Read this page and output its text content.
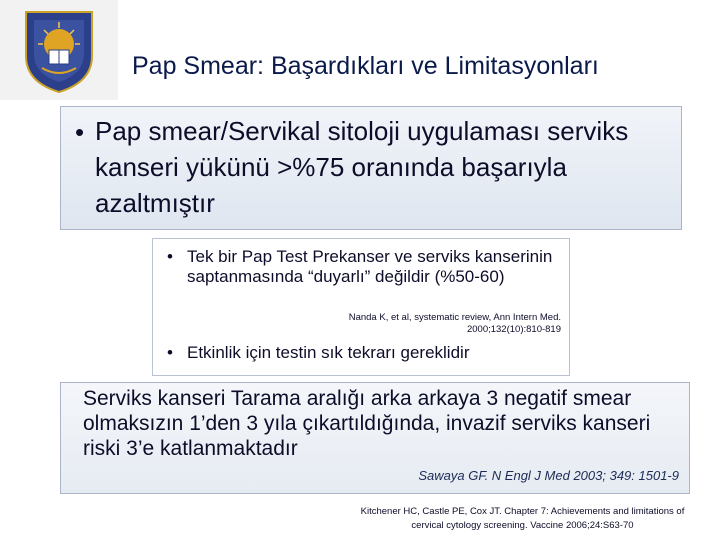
Pap Smear: Başardıkları ve Limitasyonları
• Pap smear/Servikal sitoloji uygulaması serviks kanseri yükünü >%75 oranında başarıyla azaltmıştır
• Tek bir Pap Test Prekanser ve serviks kanserinin saptanmasında “duyarlı” değildir (%50-60)
Nanda K, et al, systematic review, Ann Intern Med.
2000;132(10):810-819
• Etkinlik için testin sık tekrarı gereklidir
Serviks kanseri Tarama aralığı arka arkaya 3 negatif smear olmaksızın 1’den 3 yıla çıkartıldığında, invazif serviks kanseri riski 3’e katlanmaktadır
Sawaya GF. N Engl J Med 2003; 349: 1501-9
Kitchener HC, Castle PE, Cox JT. Chapter 7: Achievements and limitations of
cervical cytology screening. Vaccine 2006;24:S63-70
